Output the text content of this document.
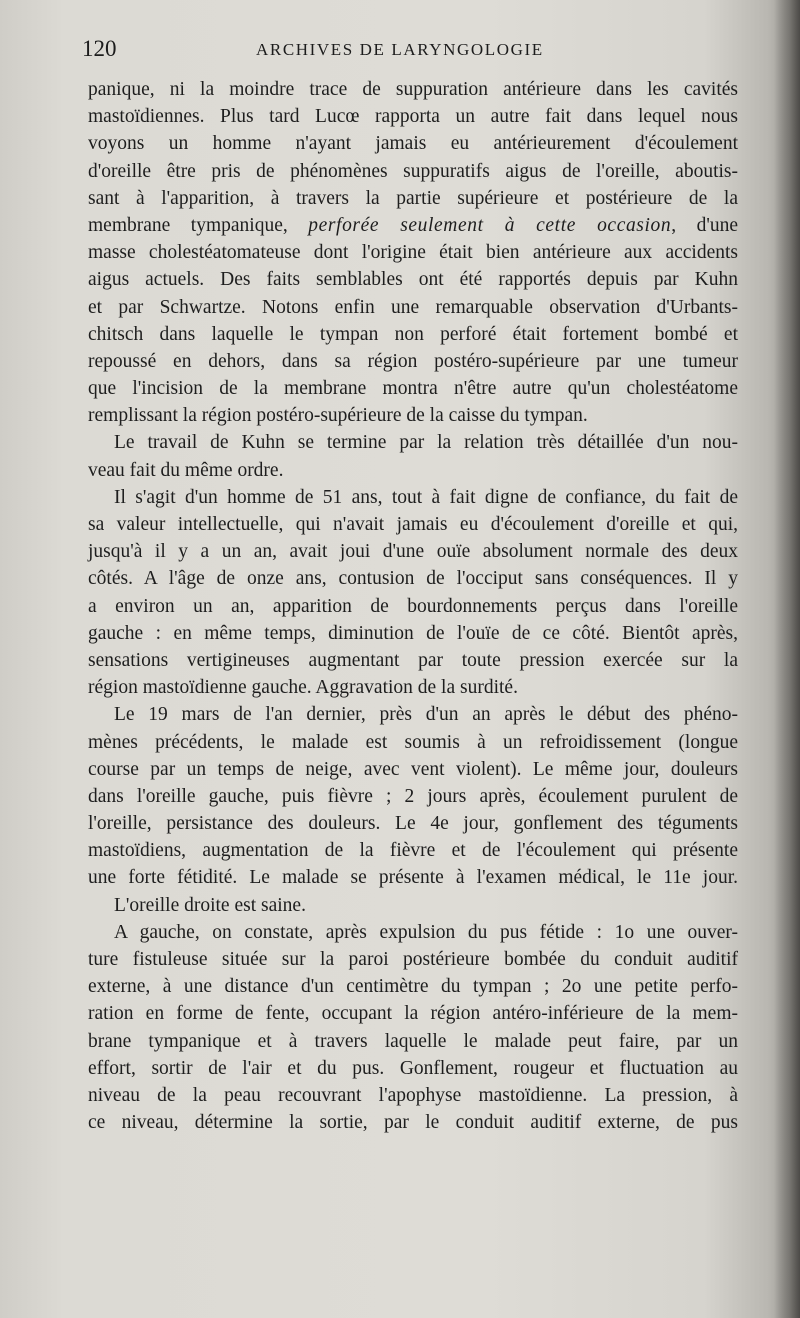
120	ARCHIVES DE LARYNGOLOGIE
panique, ni la moindre trace de suppuration antérieure dans les cavités
mastoïdiennes. Plus tard Lucœ rapporta un autre fait dans lequel nous
voyons un homme n'ayant jamais eu antérieurement d'écoulement
d'oreille être pris de phénomènes suppuratifs aigus de l'oreille, aboutis-
sant à l'apparition, à travers la partie supérieure et postérieure de la
membrane tympanique, perforée seulement à cette occasion, d'une
masse cholestéatomateuse dont l'origine était bien antérieure aux accidents
aigus actuels. Des faits semblables ont été rapportés depuis par Kuhn
et par Schwartze. Notons enfin une remarquable observation d'Urbants-
chitsch dans laquelle le tympan non perforé était fortement bombé et
repoussé en dehors, dans sa région postéro-supérieure par une tumeur
que l'incision de la membrane montra n'être autre qu'un cholestéatome
remplissant la région postéro-supérieure de la caisse du tympan.
Le travail de Kuhn se termine par la relation très détaillée d'un nou-
veau fait du même ordre.
Il s'agit d'un homme de 51 ans, tout à fait digne de confiance, du fait de
sa valeur intellectuelle, qui n'avait jamais eu d'écoulement d'oreille et qui,
jusqu'à il y a un an, avait joui d'une ouïe absolument normale des deux
côtés. A l'âge de onze ans, contusion de l'occiput sans conséquences. Il y
a environ un an, apparition de bourdonnements perçus dans l'oreille
gauche : en même temps, diminution de l'ouïe de ce côté. Bientôt après,
sensations vertigineuses augmentant par toute pression exercée sur la
région mastoïdienne gauche. Aggravation de la surdité.
Le 19 mars de l'an dernier, près d'un an après le début des phéno-
mènes précédents, le malade est soumis à un refroidissement (longue
course par un temps de neige, avec vent violent). Le même jour, douleurs
dans l'oreille gauche, puis fièvre ; 2 jours après, écoulement purulent de
l'oreille, persistance des douleurs. Le 4e jour, gonflement des téguments
mastoïdiens, augmentation de la fièvre et de l'écoulement qui présente
une forte fétidité. Le malade se présente à l'examen médical, le 11e jour.
L'oreille droite est saine.
A gauche, on constate, après expulsion du pus fétide : 1o une ouver-
ture fistuleuse située sur la paroi postérieure bombée du conduit auditif
externe, à une distance d'un centimètre du tympan ; 2o une petite perfo-
ration en forme de fente, occupant la région antéro-inférieure de la mem-
brane tympanique et à travers laquelle le malade peut faire, par un
effort, sortir de l'air et du pus. Gonflement, rougeur et fluctuation au
niveau de la peau recouvrant l'apophyse mastoïdienne. La pression, à
ce niveau, détermine la sortie, par le conduit auditif externe, de pus
